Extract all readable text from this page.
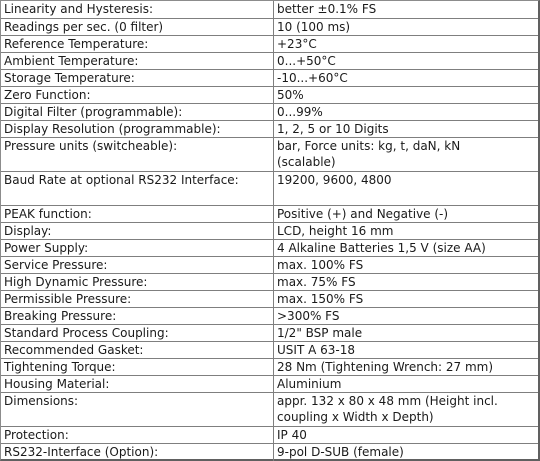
Linearity and Hysteresis:	better ±0.1% FS
Readings per sec. (0 filter)	10 (100 ms)
Reference Temperature:	+23°C
Ambient Temperature:	0...+50°C
Storage Temperature:	-10...+60°C
Zero Function:	50%
Digital Filter (programmable):	0...99%
Display Resolution (programmable):	1, 2, 5 or 10 Digits
Pressure units (switcheable):	bar, Force units: kg, t, daN, kN
(scalable)
Baud Rate at optional RS232 Interface:	19200, 9600, 4800
PEAK function:	Positive (+) and Negative (-)
Display:	LCD, height 16 mm
Power Supply:	4 Alkaline Batteries 1,5 V (size AA)
Service Pressure:	max. 100% FS
High Dynamic Pressure:	max. 75% FS
Permissible Pressure:	max. 150% FS
Breaking Pressure:	>300% FS
Standard Process Coupling:	1/2" BSP male
Recommended Gasket:	USIT A 63-18
Tightening Torque:	28 Nm (Tightening Wrench: 27 mm)
Housing Material:	Aluminium
Dimensions:	appr. 132 x 80 x 48 mm (Height incl.
coupling x Width x Depth)
Protection:	IP 40
RS232-Interface (Option):	9-pol D-SUB (female)
